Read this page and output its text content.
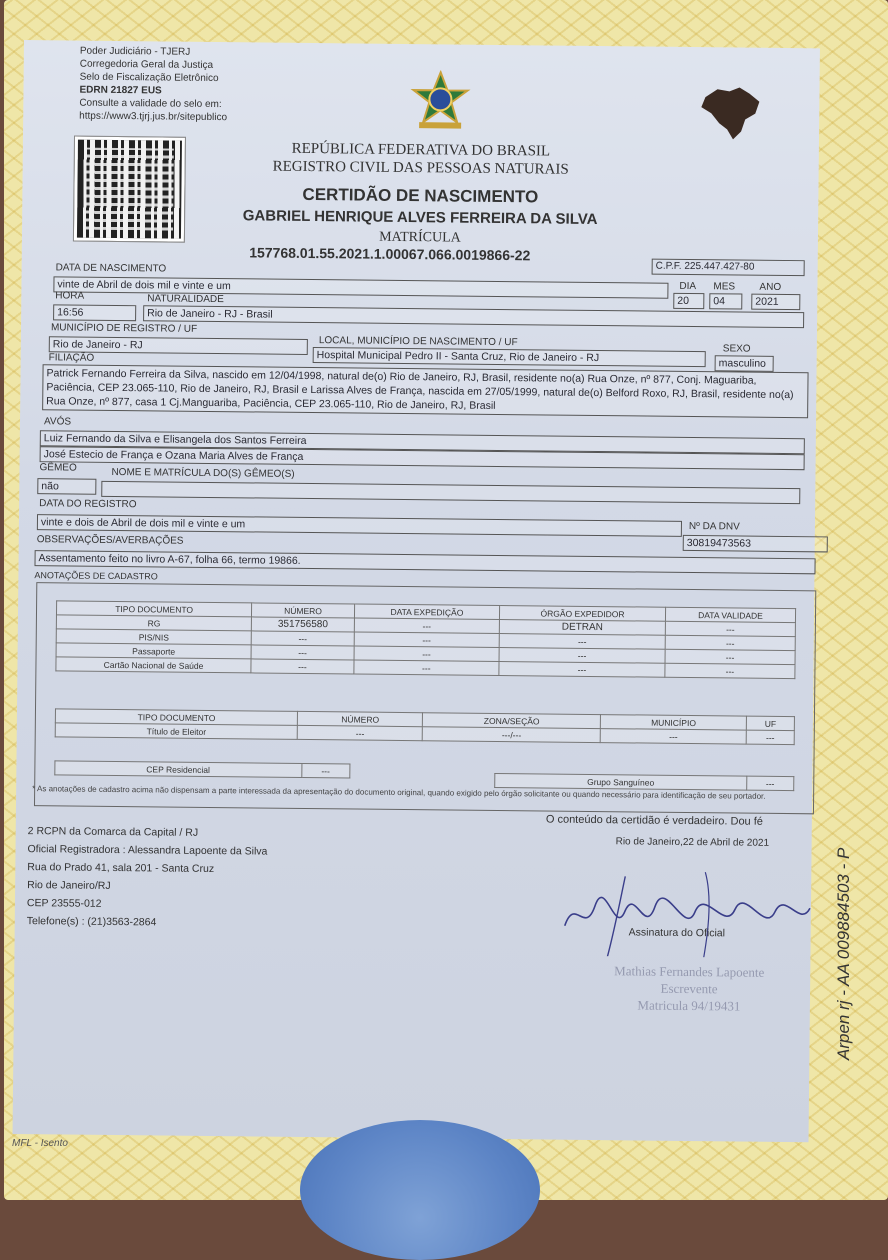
Poder Judiciário - TJERJ
Corregedoria Geral da Justiça
Selo de Fiscalização Eletrônico
EDRN 21827 EUS
Consulte a validade do selo em:
https://www3.tjrj.jus.br/sitepublico
REPÚBLICA FEDERATIVA DO BRASIL
REGISTRO CIVIL DAS PESSOAS NATURAIS
CERTIDÃO DE NASCIMENTO
GABRIEL HENRIQUE ALVES FERREIRA DA SILVA
MATRÍCULA
157768.01.55.2021.1.00067.066.0019866-22
C.P.F. 225.447.427-80
DATA DE NASCIMENTO
vinte de Abril de dois mil e vinte e um	DIA MES ANO
20	04	2021
HORA	NATURALIDADE
16:56	Rio de Janeiro - RJ - Brasil
MUNICÍPIO DE REGISTRO / UF
LOCAL, MUNICÍPIO DE NASCIMENTO / UF
SEXO
Rio de Janeiro - RJ
Hospital Municipal Pedro II - Santa Cruz, Rio de Janeiro - RJ	masculino
FILIAÇÃO
Patrick Fernando Ferreira da Silva, nascido em 12/04/1998, natural de(o) Rio de Janeiro, RJ, Brasil, residente no(a) Rua Onze, nº 877, Conj. Maguariba, Paciência, CEP 23.065-110, Rio de Janeiro, RJ, Brasil e Larissa Alves de França, nascida em 27/05/1999, natural de(o) Belford Roxo, RJ, Brasil, residente no(a) Rua Onze, nº 877, casa 1 Cj.Manguariba, Paciência, CEP 23.065-110, Rio de Janeiro, RJ, Brasil
AVÓS
Luiz Fernando da Silva e Elisangela dos Santos Ferreira
José Estecio de França e Ozana Maria Alves de França
GÊMEO	NOME E MATRÍCULA DO(S) GÊMEO(S)
não
DATA DO REGISTRO
vinte e dois de Abril de dois mil e vinte e um	Nº DA DNV
30819473563
OBSERVAÇÕES/AVERBAÇÕES
Assentamento feito no livro A-67, folha 66, termo 19866.
ANOTAÇÕES DE CADASTRO
TIPO DOCUMENTO	NÚMERO	DATA EXPEDIÇÃO	ÓRGÃO EXPEDIDOR	DATA VALIDADE
RG	351756580	---	DETRAN	---
PIS/NIS	---	---	---	---
Passaporte	---	---	---	---
Cartão Nacional de Saúde	---	---	---	---
TIPO DOCUMENTO	NÚMERO	ZONA/SEÇÃO	MUNICÍPIO	UF
Título de Eleitor	---	---/---	---	---
CEP Residencial	---
Grupo Sanguíneo	---
* As anotações de cadastro acima não dispensam a parte interessada da apresentação do documento original, quando exigido pelo órgão solicitante ou quando necessário para identificação de seu portador.
2 RCPN da Comarca da Capital / RJ
Oficial Registradora : Alessandra Lapoente da Silva
Rua do Prado 41, sala 201 - Santa Cruz
Rio de Janeiro/RJ
CEP 23555-012
Telefone(s) : (21)3563-2864
O conteúdo da certidão é verdadeiro. Dou fé
Rio de Janeiro,22 de Abril de 2021
Assinatura do Oficial
Mathias Fernandes Lapoente
Escrevente
Matricula 94/19431
MFL - Isento
Arpen rj - AA 009884503 - P
